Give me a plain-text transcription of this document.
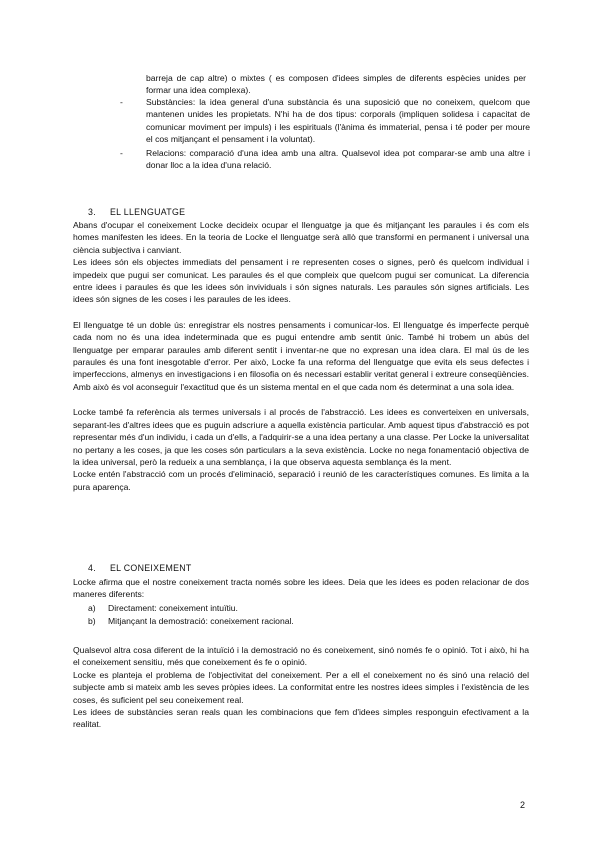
barreja de cap altre) o mixtes ( es composen d'idees simples de diferents espècies unides per formar una idea complexa).
-	Substàncies: la idea general d'una substància és una suposició que no coneixem, quelcom que mantenen unides les propietats. N'hi ha de dos tipus: corporals (impliquen solidesa i capacitat de comunicar moviment per impuls) i les espirituals (l'ànima és immaterial, pensa i té poder per moure el cos mitjançant el pensament i la voluntat).
-	Relacions: comparació d'una idea amb una altra. Qualsevol idea pot comparar-se amb una altre i donar lloc a la idea d'una relació.
3. EL LLENGUATGE

Abans d'ocupar el coneixement Locke decideix ocupar el llenguatge ja que és mitjançant les paraules i és com els homes manifesten les idees. En la teoria de Locke el llenguatge serà allò que transformi en permanent i universal una ciència subjectiva i canviant.

Les idees són els objectes immediats del pensament i re representen coses o signes, però és quelcom individual i impedeix que pugui ser comunicat. Les paraules és el que compleix que quelcom pugui ser comunicat. La diferencia entre idees i paraules és que les idees són invividuals i són signes naturals. Les paraules són signes artificials. Les idees són signes de les coses i les paraules de les idees.

El llenguatge té un doble ús: enregistrar els nostres pensaments i comunicar-los. El llenguatge és imperfecte perquè cada nom no és una idea indeterminada que es pugui entendre amb sentit únic. També hi trobem un abús del llenguatge per emparar paraules amb diferent sentit i inventar-ne que no expresan una idea clara. El mal ús de les paraules és una font inesgotable d'error. Per això, Locke fa una reforma del llenguatge que evita els seus defectes i imperfeccions, almenys en investigacions i en filosofia on és necessari establir veritat general i extreure conseqüències. Amb això és vol aconseguir l'exactitud que és un sistema mental en el que cada nom és determinat a una sola idea.

Locke també fa referència als termes universals i al procés de l'abstracció. Les idees es converteixen en universals, separant-les d'altres idees que es puguin adscriure a aquella existència particular. Amb aquest tipus d'abstracció es pot representar més d'un individu, i cada un d'ells, a l'adquirir-se a una idea pertany a una classe. Per Locke la universalitat no pertany a les coses, ja que les coses són particulars a la seva existència. Locke no nega fonamentació objectiva de la idea universal, però la redueix a una semblança, i la que observa aquesta semblança és la ment.

Locke entén l'abstracció com un procés d'eliminació, separació i reunió de les característiques comunes. Es limita a la pura aparença.

4. EL CONEIXEMENT

Locke afirma que el nostre coneixement tracta només sobre les idees. Deia que les idees es poden relacionar de dos maneres diferents:

a) Directament: coneixement intuïtiu.
b) Mitjançant la demostració: coneixement racional.

Qualsevol altra cosa diferent de la intuïció i la demostració no és coneixement, sinó només fe o opinió. Tot i això, hi ha el coneixement sensitiu, més que coneixement és fe o opinió.

Locke es planteja el problema de l'objectivitat del coneixement. Per a ell el coneixement no és sinó una relació del subjecte amb si mateix amb les seves pròpies idees. La conformitat entre les nostres idees simples i l'existència de les coses, és suficient pel seu coneixement real.

Les idees de substàncies seran reals quan les combinacions que fem d'idees simples responguin efectivament a la realitat.

2
